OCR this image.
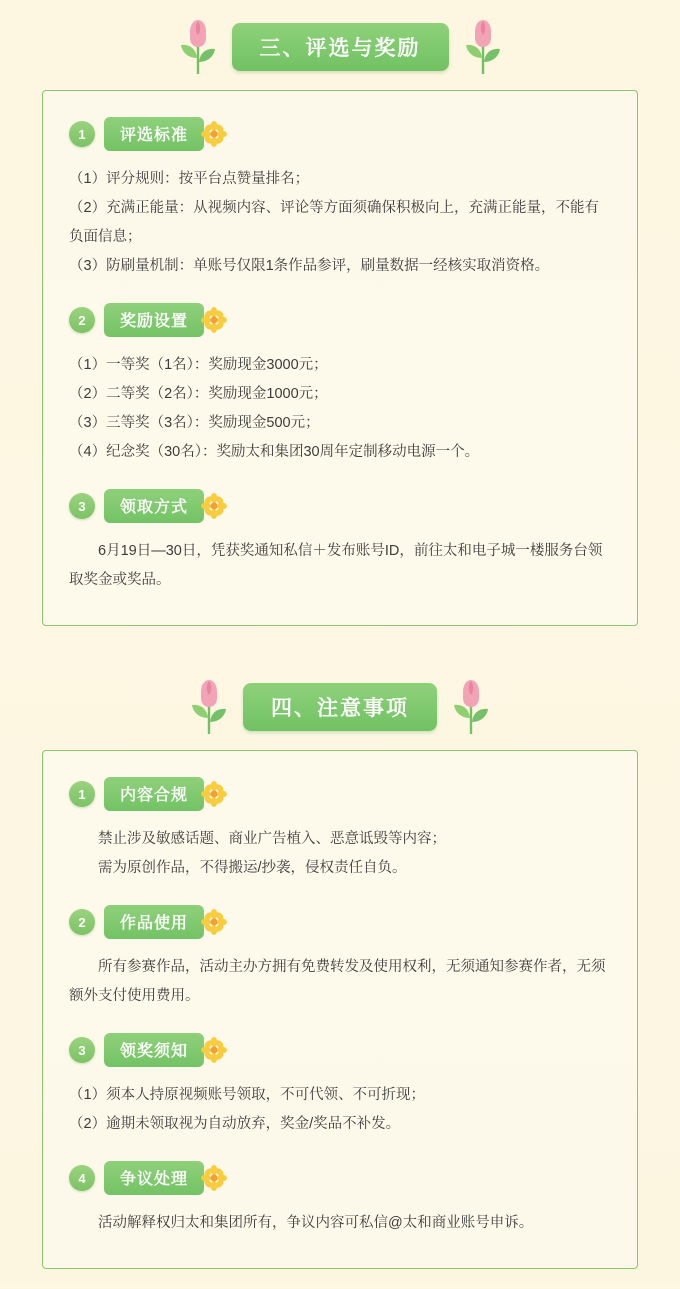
三、评选与奖励
1	评选标准

（1）评分规则：按平台点赞量排名；

（2）充满正能量：从视频内容、评论等方面须确保积极向上，充满正能量，不能有负面信息；

（3）防刷量机制：单账号仅限1条作品参评，刷量数据一经核实取消资格。

2	奖励设置

（1）一等奖（1名）：奖励现金3000元；

（2）二等奖（2名）：奖励现金1000元；

（3）三等奖（3名）：奖励现金500元；

（4）纪念奖（30名）：奖励太和集团30周年定制移动电源一个。

3	领取方式

6月19日—30日，凭获奖通知私信＋发布账号ID，前往太和电子城一楼服务台领取奖金或奖品。

四、注意事项
1	内容合规

禁止涉及敏感话题、商业广告植入、恶意诋毁等内容；

需为原创作品，不得搬运/抄袭，侵权责任自负。

2	作品使用

所有参赛作品，活动主办方拥有免费转发及使用权利，无须通知参赛作者，无须额外支付使用费用。

3	领奖须知

（1）须本人持原视频账号领取，不可代领、不可折现；

（2）逾期未领取视为自动放弃，奖金/奖品不补发。

4	争议处理

活动解释权归太和集团所有，争议内容可私信@太和商业账号申诉。
